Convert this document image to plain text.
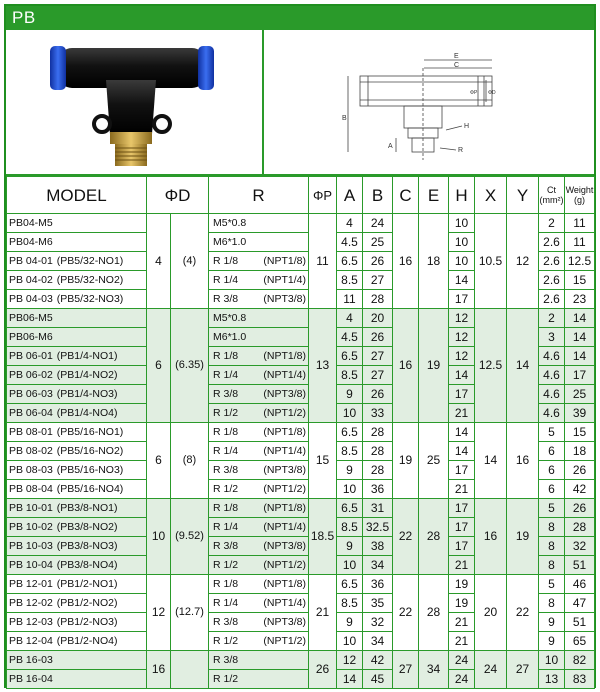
PB
E
C
ΦP ΦD
B
H
A
R
MODEL	ΦD		R	ΦP	A	B	C	E	H	X	Y	Ct (mm²)	Weight (g)
PB04-M5	4	(4)	M5*0.8	11	4	24	16	18	10	10.5	12	2	11
PB04-M6			M6*1.0		4.5	25			10			2.6	11
PB 04-01 (PB5/32-NO1)			R 1/8 (NPT1/8)		6.5	26			10			2.6	12.5
PB 04-02 (PB5/32-NO2)			R 1/4 (NPT1/4)		8.5	27			14			2.6	15
PB 04-03 (PB5/32-NO3)			R 3/8 (NPT3/8)		11	28			17			2.6	23
PB06-M5	6	(6.35)	M5*0.8	13	4	20	16	19	12	12.5	14	2	14
PB06-M6			M6*1.0		4.5	26			12			3	14
PB 06-01 (PB1/4-NO1)			R 1/8 (NPT1/8)		6.5	27			12			4.6	14
PB 06-02 (PB1/4-NO2)			R 1/4 (NPT1/4)		8.5	27			14			4.6	17
PB 06-03 (PB1/4-NO3)			R 3/8 (NPT3/8)		9	26			17			4.6	25
PB 06-04 (PB1/4-NO4)			R 1/2 (NPT1/2)		10	33			21			4.6	39
PB 08-01 (PB5/16-NO1)	6	(8)	R 1/8 (NPT1/8)	15	6.5	28	19	25	14	14	16	5	15
PB 08-02 (PB5/16-NO2)			R 1/4 (NPT1/4)		8.5	28			14			6	18
PB 08-03 (PB5/16-NO3)			R 3/8 (NPT3/8)		9	28			17			6	26
PB 08-04 (PB5/16-NO4)			R 1/2 (NPT1/2)		10	36			21			6	42
PB 10-01 (PB3/8-NO1)	10	(9.52)	R 1/8 (NPT1/8)	18.5	6.5	31	22	28	17	16	19	5	26
PB 10-02 (PB3/8-NO2)			R 1/4 (NPT1/4)		8.5	32.5			17			8	28
PB 10-03 (PB3/8-NO3)			R 3/8 (NPT3/8)		9	38			17			8	32
PB 10-04 (PB3/8-NO4)			R 1/2 (NPT1/2)		10	34			21			8	51
PB 12-01 (PB1/2-NO1)	12	(12.7)	R 1/8 (NPT1/8)	21	6.5	36	22	28	19	20	22	5	46
PB 12-02 (PB1/2-NO2)			R 1/4 (NPT1/4)		8.5	35			19			8	47
PB 12-03 (PB1/2-NO3)			R 3/8 (NPT3/8)		9	32			21			9	51
PB 12-04 (PB1/2-NO4)			R 1/2 (NPT1/2)		10	34			21			9	65
PB 16-03	16		R 3/8	26	12	42	27	34	24	24	27	10	82
PB 16-04			R 1/2		14	45			24			13	83
